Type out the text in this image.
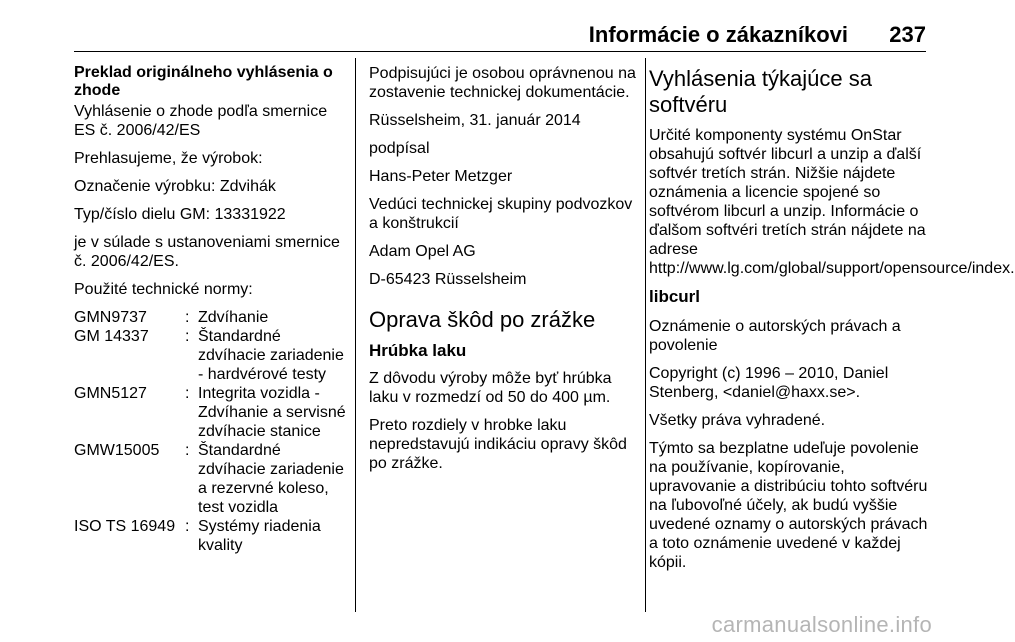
Informácie o zákazníkovi 237

Preklad originálneho vyhlásenia o zhode

Vyhlásenie o zhode podľa smernice ES č. 2006/42/ES

Prehlasujeme, že výrobok:

Označenie výrobku: Zdvihák

Typ/číslo dielu GM: 13331922

je v súlade s ustanoveniami smernice č. 2006/42/ES.

Použité technické normy:

GMN9737	: Zdvíhanie
GM 14337	: Štandardné zdvíhacie zariadenie - hardvérové testy
GMN5127	: Integrita vozidla - Zdvíhanie a servisné zdvíhacie stanice
GMW15005	: Štandardné zdvíhacie zariadenie a rezervné koleso, test vozidla
ISO TS 16949 : Systémy riadenia kvality

Podpisujúci je osobou oprávnenou na zostavenie technickej dokumentácie.

Rüsselsheim, 31. január 2014

podpísal

Hans-Peter Metzger

Vedúci technickej skupiny podvozkov a konštrukcií

Adam Opel AG

D-65423 Rüsselsheim

Oprava škôd po zrážke

Hrúbka laku

Z dôvodu výroby môže byť hrúbka laku v rozmedzí od 50 do 400 µm.

Preto rozdiely v hrobke laku nepredstavujú indikáciu opravy škôd po zrážke.

Vyhlásenia týkajúce sa softvéru

Určité komponenty systému OnStar obsahujú softvér libcurl a unzip a ďalší softvér tretích strán. Nižšie nájdete oznámenia a licencie spojené so softvérom libcurl a unzip. Informácie o ďalšom softvéri tretích strán nájdete na adrese http://www.lg.com/global/support/opensource/index.

libcurl

Oznámenie o autorských právach a povolenie

Copyright (c) 1996 – 2010, Daniel Stenberg, <daniel@haxx.se>.

Všetky práva vyhradené.

Týmto sa bezplatne udeľuje povolenie na používanie, kopírovanie, upravovanie a distribúciu tohto softvéru na ľubovoľné účely, ak budú vyššie uvedené oznamy o autorských právach a toto oznámenie uvedené v každej kópii.

carmanualsonline.info
